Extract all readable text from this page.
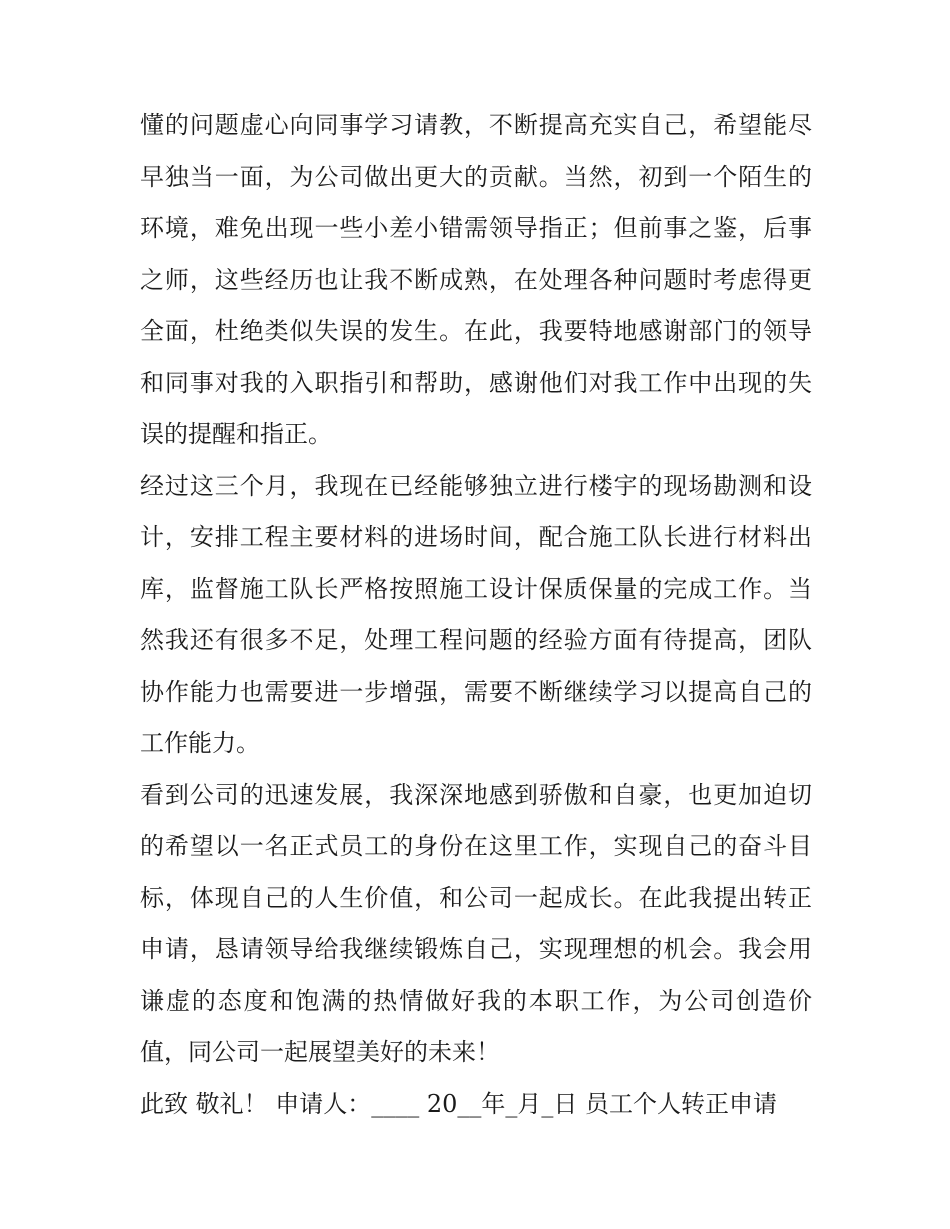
懂的问题虚心向同事学习请教，不断提高充实自己，希望能尽
早独当一面，为公司做出更大的贡献。当然，初到一个陌生的
环境，难免出现一些小差小错需领导指正；但前事之鉴，后事
之师，这些经历也让我不断成熟，在处理各种问题时考虑得更
全面，杜绝类似失误的发生。在此，我要特地感谢部门的领导
和同事对我的入职指引和帮助，感谢他们对我工作中出现的失
误的提醒和指正。
经过这三个月，我现在已经能够独立进行楼宇的现场勘测和设
计，安排工程主要材料的进场时间，配合施工队长进行材料出
库，监督施工队长严格按照施工设计保质保量的完成工作。当
然我还有很多不足，处理工程问题的经验方面有待提高，团队
协作能力也需要进一步增强，需要不断继续学习以提高自己的
工作能力。
看到公司的迅速发展，我深深地感到骄傲和自豪，也更加迫切
的希望以一名正式员工的身份在这里工作，实现自己的奋斗目
标，体现自己的人生价值，和公司一起成长。在此我提出转正
申请，恳请领导给我继续锻炼自己，实现理想的机会。我会用
谦虚的态度和饱满的热情做好我的本职工作，为公司创造价
值，同公司一起展望美好的未来！
此致 敬礼！ 申请人：____ 20__年_月_日 员工个人转正申请
